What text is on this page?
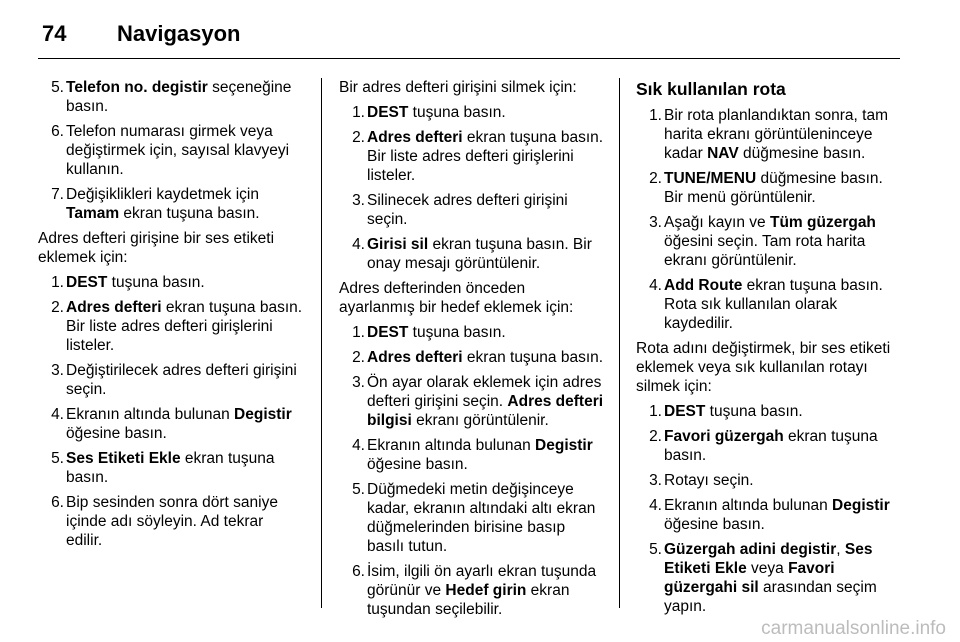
74	Navigasyon
5. Telefon no. degistir seçeneğine basın.
6. Telefon numarası girmek veya değiştirmek için, sayısal klavyeyi kullanın.
7. Değişiklikleri kaydetmek için Tamam ekran tuşuna basın.
Adres defteri girişine bir ses etiketi eklemek için:
1. DEST tuşuna basın.
2. Adres defteri ekran tuşuna basın. Bir liste adres defteri girişlerini listeler.
3. Değiştirilecek adres defteri girişini seçin.
4. Ekranın altında bulunan Degistir öğesine basın.
5. Ses Etiketi Ekle ekran tuşuna basın.
6. Bip sesinden sonra dört saniye içinde adı söyleyin. Ad tekrar edilir.
Bir adres defteri girişini silmek için:
1. DEST tuşuna basın.
2. Adres defteri ekran tuşuna basın. Bir liste adres defteri girişlerini listeler.
3. Silinecek adres defteri girişini seçin.
4. Girisi sil ekran tuşuna basın. Bir onay mesajı görüntülenir.
Adres defterinden önceden ayarlanmış bir hedef eklemek için:
1. DEST tuşuna basın.
2. Adres defteri ekran tuşuna basın.
3. Ön ayar olarak eklemek için adres defteri girişini seçin. Adres defteri bilgisi ekranı görüntülenir.
4. Ekranın altında bulunan Degistir öğesine basın.
5. Düğmedeki metin değişinceye kadar, ekranın altındaki altı ekran düğmelerinden birisine basıp basılı tutun.
6. İsim, ilgili ön ayarlı ekran tuşunda görünür ve Hedef girin ekran tuşundan seçilebilir.
Sık kullanılan rota
1. Bir rota planlandıktan sonra, tam harita ekranı görüntüleninceye kadar NAV düğmesine basın.
2. TUNE/MENU düğmesine basın. Bir menü görüntülenir.
3. Aşağı kayın ve Tüm güzergah öğesini seçin. Tam rota harita ekranı görüntülenir.
4. Add Route ekran tuşuna basın. Rota sık kullanılan olarak kaydedilir.
Rota adını değiştirmek, bir ses etiketi eklemek veya sık kullanılan rotayı silmek için:
1. DEST tuşuna basın.
2. Favori güzergah ekran tuşuna basın.
3. Rotayı seçin.
4. Ekranın altında bulunan Degistir öğesine basın.
5. Güzergah adini degistir, Ses Etiketi Ekle veya Favori güzergahi sil arasından seçim yapın.
carmanualsonline.info
